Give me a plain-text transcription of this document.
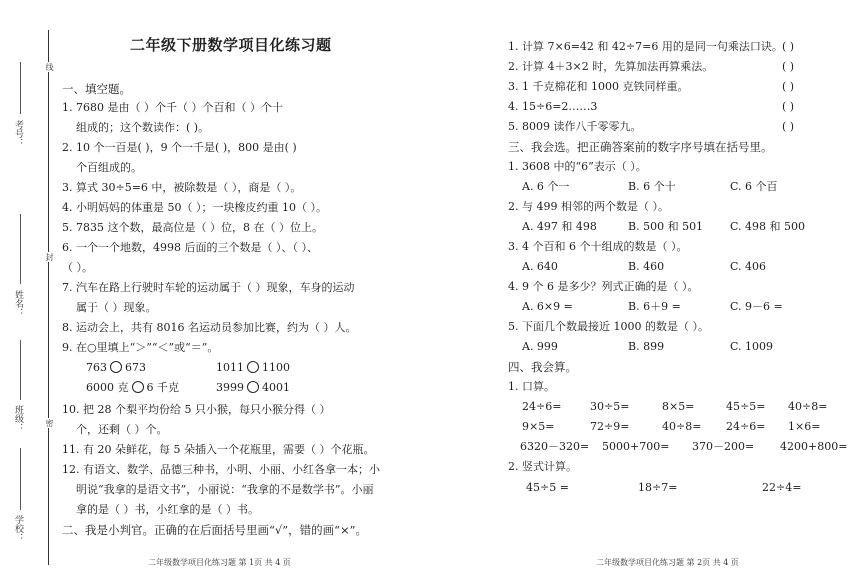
线
封
密
考号：
姓名：
班级：
学校：
二年级下册数学项目化练习题
一、填空题。
1. 7680 是由（ ）个千（ ）个百和（ ）个十
组成的；这个数读作：( )。
2. 10 个一百是( )，9 个一千是( )，800 是由( )
个百组成的。
3. 算式 30÷5=6 中，被除数是（ ），商是（ ）。
4. 小明妈妈的体重是 50（ ）；一块橡皮约重 10（ ）。
5. 7835 这个数，最高位是（ ）位，8 在（ ）位上。
6. 一个一个地数，4998 后面的三个数是（ ）、（ ）、
（ ）。
7. 汽车在路上行驶时车轮的运动属于（ ）现象，车身的运动
属于（ ）现象。
8. 运动会上，共有 8016 名运动员参加比赛，约为（ ）人。
9. 在○里填上“＞”“＜”或“＝”。
763 673	1011 1100
6000 克 6 千克	3999 4001
10. 把 28 个梨平均份给 5 只小猴，每只小猴分得（ ）
个，还剩（ ）个。
11. 有 20 朵鲜花，每 5 朵插入一个花瓶里，需要（ ）个花瓶。
12. 有语文、数学、品德三种书，小明、小丽、小红各拿一本；小
明说“我拿的是语文书”，小丽说：“我拿的不是数学书”。小丽
拿的是（ ）书，小红拿的是（ ）书。
二、我是小判官。正确的在后面括号里画“√”，错的画“×”。
二年级数学项目化练习题 第 1页 共 4 页
1. 计算 7×6=42 和 42÷7=6 用的是同一句乘法口诀。 ( )
2. 计算 4＋3×2 时，先算加法再算乘法。	( )
3. 1 千克棉花和 1000 克铁同样重。	( )
4. 15÷6=2……3	( )
5. 8009 读作八千零零九。	( )
三、我会选。把正确答案前的数字序号填在括号里。
1. 3608 中的“6”表示（ ）。
A. 6 个一	B. 6 个十	C. 6 个百
2. 与 499 相邻的两个数是（ ）。
A. 497 和 498	B. 500 和 501 C. 498 和 500
3. 4 个百和 6 个十组成的数是（ ）。
A. 640	B. 460	C. 406
4. 9 个 6 是多少？列式正确的是（ ）。
A. 6×9 =	B. 6＋9 =	C. 9－6 =
5. 下面几个数最接近 1000 的数是（ ）。
A. 999	B. 899	C. 1009
四、我会算。
1. 口算。
24÷6=	30÷5=	8×5=	45÷5= 40÷8=
9×5=	72÷9=	40÷8= 24÷6= 1×6=
6320－320= 5000+700= 370－200= 4200+800=
2. 竖式计算。
45÷5 =	18÷7=	22÷4=
二年级数学项目化练习题 第 2页 共 4 页
